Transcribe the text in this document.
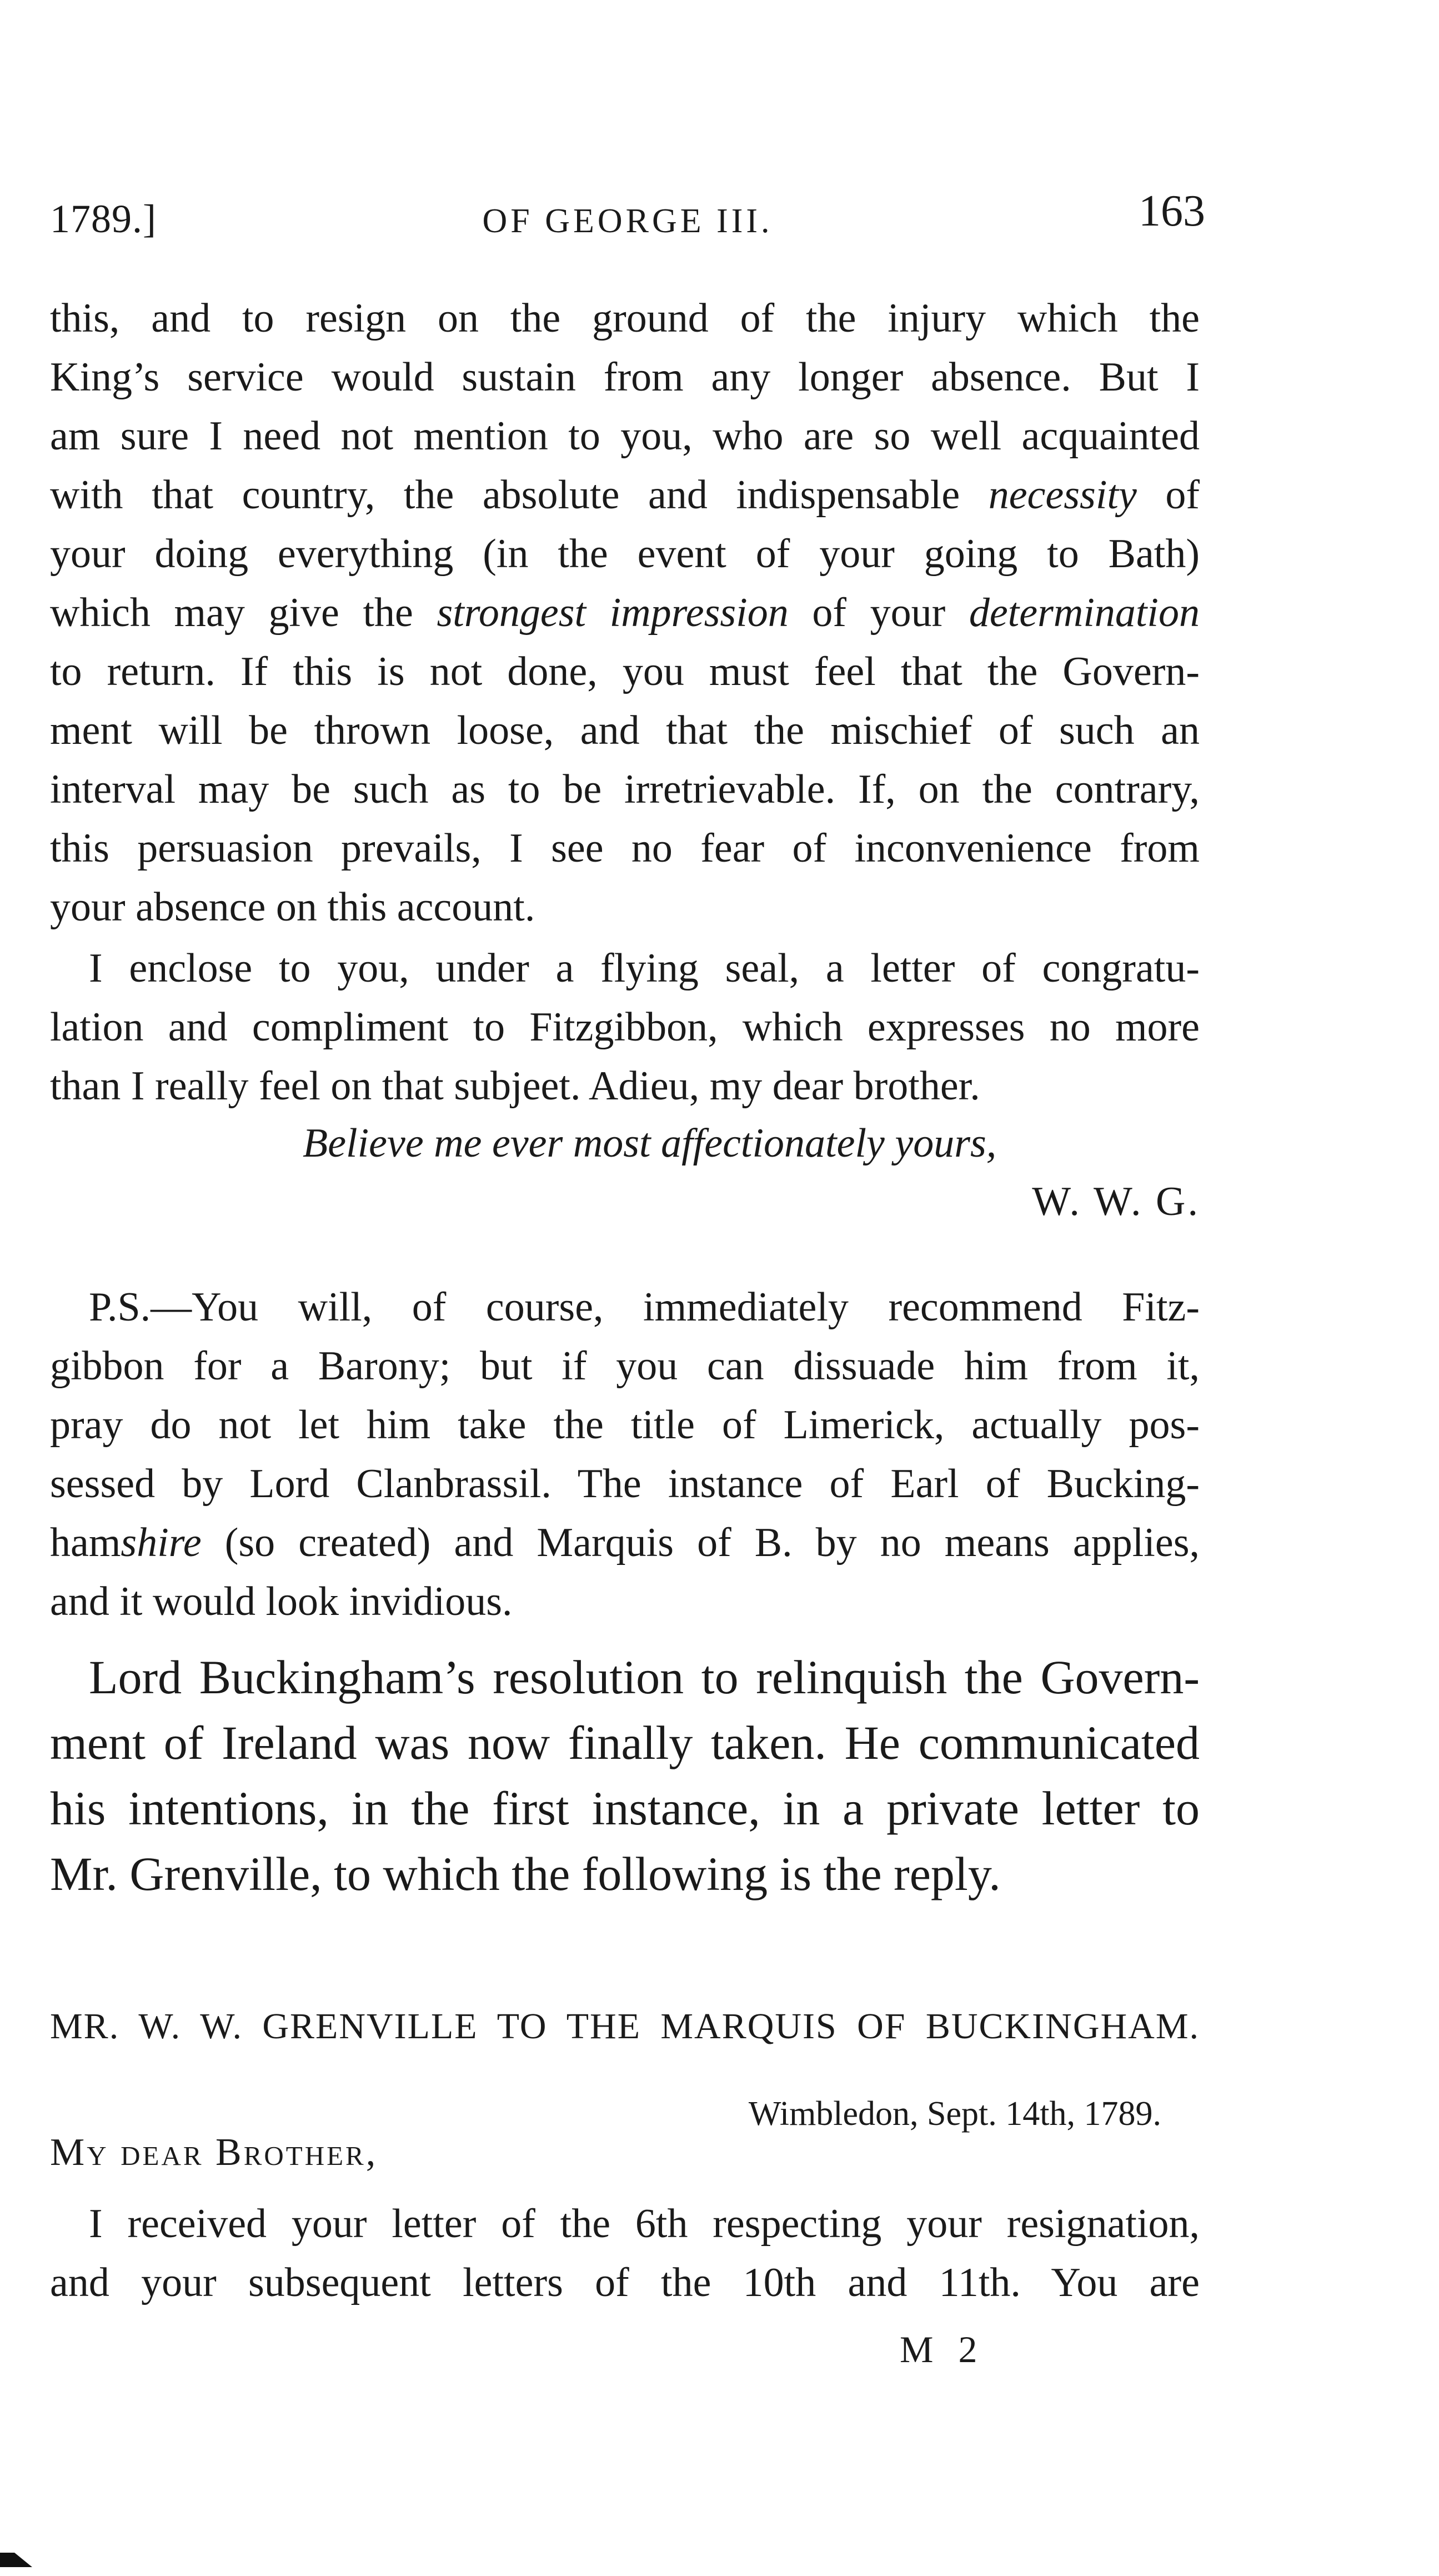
1789.]	OF GEORGE III.	163
this, and to resign on the ground of the injury which the
King’s service would sustain from any longer absence. But I
am sure I need not mention to you, who are so well acquainted
with that country, the absolute and indispensable necessity of
your doing everything (in the event of your going to Bath)
which may give the strongest impression of your determination
to return. If this is not done, you must feel that the Govern-
ment will be thrown loose, and that the mischief of such an
interval may be such as to be irretrievable. If, on the contrary,
this persuasion prevails, I see no fear of inconvenience from
your absence on this account.
I enclose to you, under a flying seal, a letter of congratu-
lation and compliment to Fitzgibbon, which expresses no more
than I really feel on that subjeet. Adieu, my dear brother.
Believe me ever most affectionately yours,
W. W. G.
P.S.—You will, of course, immediately recommend Fitz-
gibbon for a Barony; but if you can dissuade him from it,
pray do not let him take the title of Limerick, actually pos-
sessed by Lord Clanbrassil. The instance of Earl of Bucking-
hamshire (so created) and Marquis of B. by no means applies,
and it would look invidious.
Lord Buckingham’s resolution to relinquish the Govern-
ment of Ireland was now finally taken. He communicated
his intentions, in the first instance, in a private letter to
Mr. Grenville, to which the following is the reply.
MR. W. W. GRENVILLE TO THE MARQUIS OF BUCKINGHAM.
Wimbledon, Sept. 14th, 1789.
My dear Brother,
I received your letter of the 6th respecting your resignation,
and your subsequent letters of the 10th and 11th. You are
M 2
